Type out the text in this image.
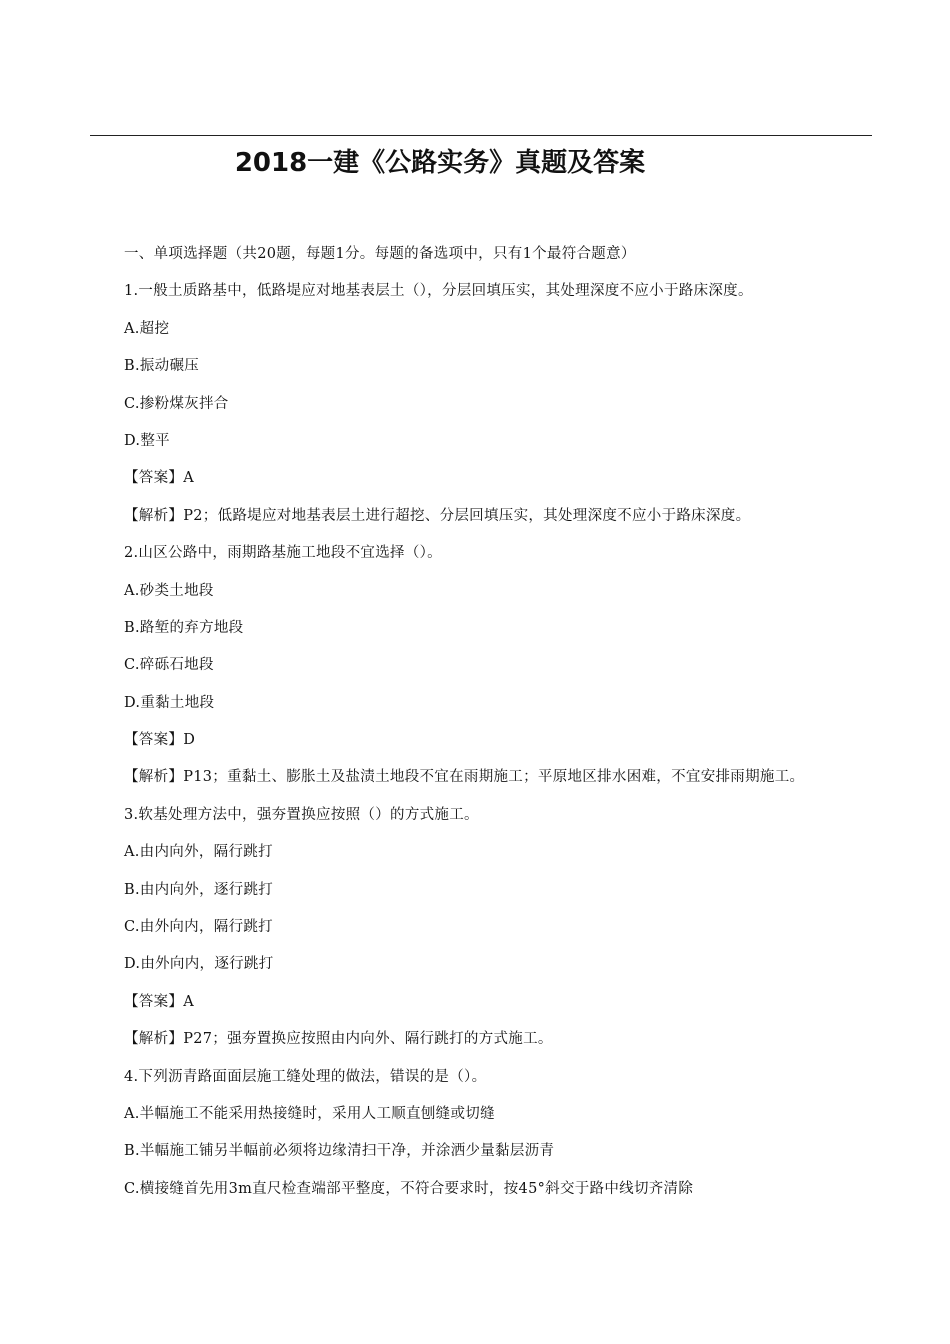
2018一建《公路实务》真题及答案
一、单项选择题（共20题，每题1分。每题的备选项中，只有1个最符合题意）
1.一般土质路基中，低路堤应对地基表层土（），分层回填压实，其处理深度不应小于路床深度。
A.超挖
B.振动碾压
C.掺粉煤灰拌合
D.整平
【答案】A
【解析】P2；低路堤应对地基表层土进行超挖、分层回填压实，其处理深度不应小于路床深度。
2.山区公路中，雨期路基施工地段不宜选择（）。
A.砂类土地段
B.路堑的弃方地段
C.碎砾石地段
D.重黏土地段
【答案】D
【解析】P13；重黏土、膨胀土及盐渍土地段不宜在雨期施工；平原地区排水困难，不宜安排雨期施工。
3.软基处理方法中，强夯置换应按照（）的方式施工。
A.由内向外，隔行跳打
B.由内向外，逐行跳打
C.由外向内，隔行跳打
D.由外向内，逐行跳打
【答案】A
【解析】P27；强夯置换应按照由内向外、隔行跳打的方式施工。
4.下列沥青路面面层施工缝处理的做法，错误的是（）。
A.半幅施工不能采用热接缝时，采用人工顺直刨缝或切缝
B.半幅施工铺另半幅前必须将边缘清扫干净，并涂洒少量黏层沥青
C.横接缝首先用3m直尺检查端部平整度，不符合要求时，按45°斜交于路中线切齐清除
